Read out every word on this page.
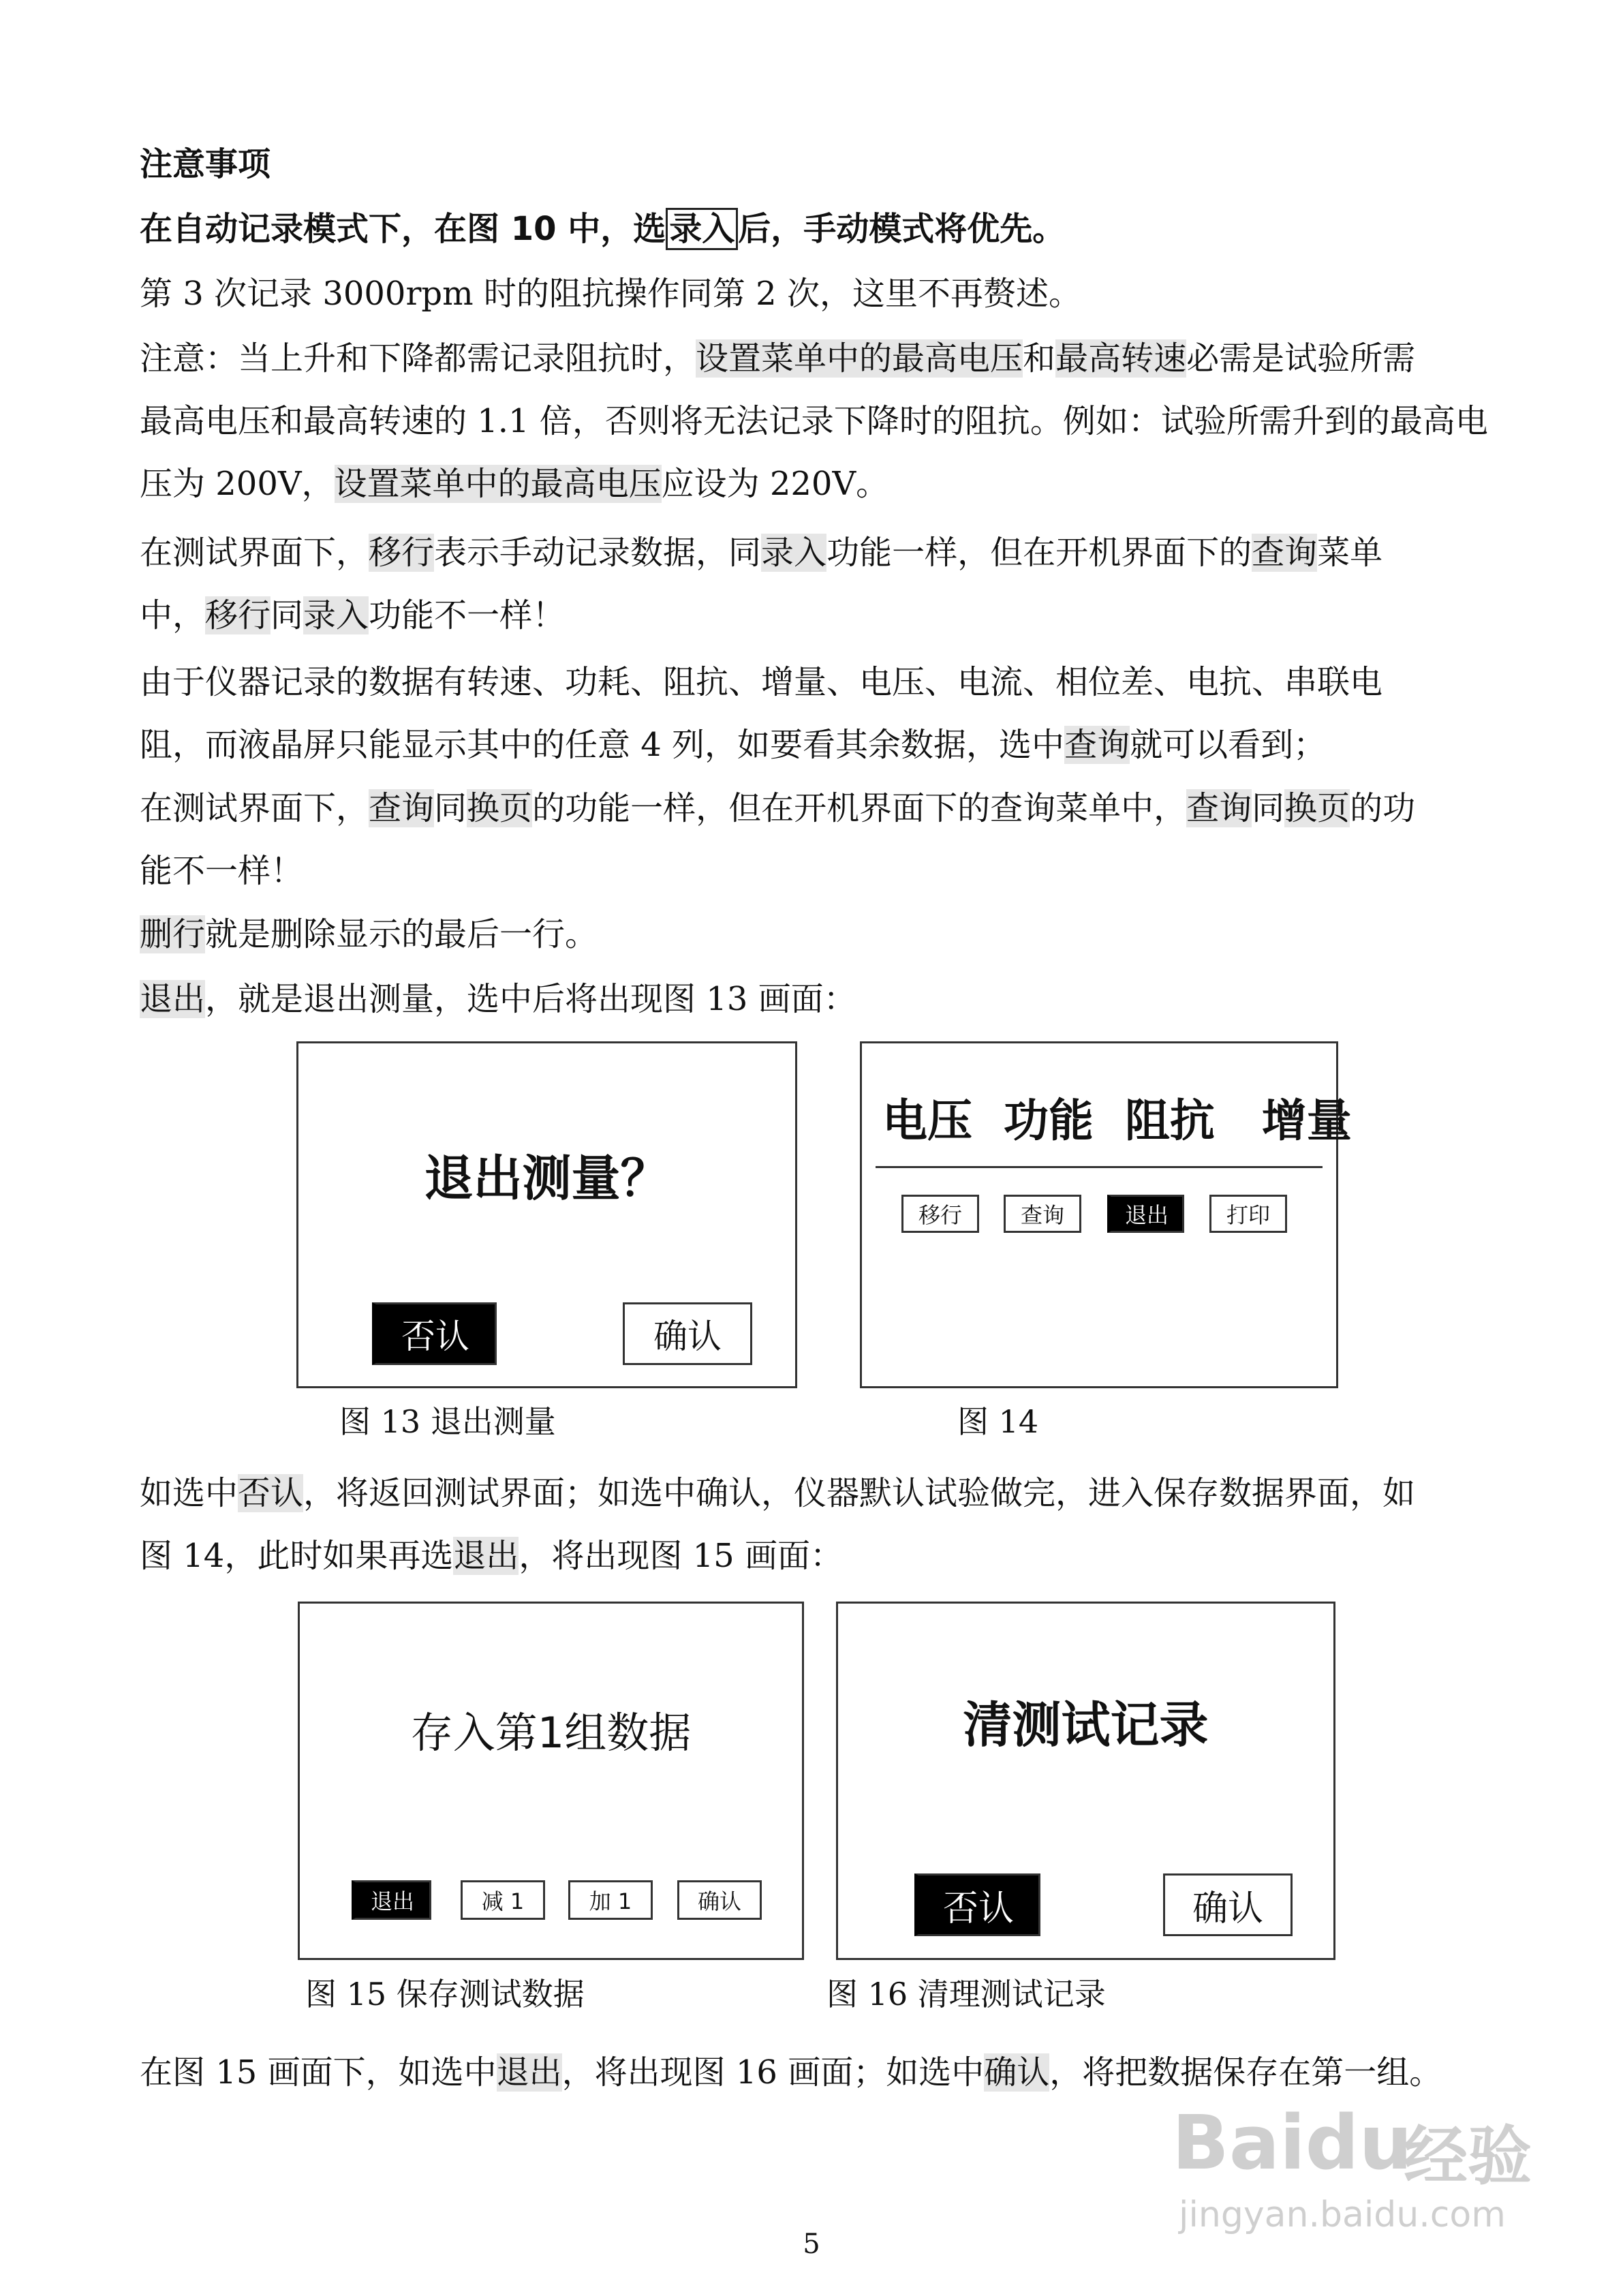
注意事项
在自动记录模式下，在图 10 中，选 录入 后，手动模式将优先。
第 3 次记录 3000rpm 时的阻抗操作同第 2 次，这里不再赘述。
注意：当上升和下降都需记录阻抗时，设置菜单中的最高电压和最高转速必需是试验所需
最高电压和最高转速的 1.1 倍，否则将无法记录下降时的阻抗。例如：试验所需升到的最高电
压为 200V，设置菜单中的最高电压应设为 220V。
在测试界面下，移行表示手动记录数据，同录入功能一样，但在开机界面下的查询菜单
中，移行同录入功能不一样！
由于仪器记录的数据有转速、功耗、阻抗、增量、电压、电流、相位差、电抗、串联电
阻，而液晶屏只能显示其中的任意 4 列，如要看其余数据，选中查询就可以看到；
在测试界面下，查询同换页的功能一样，但在开机界面下的查询菜单中，查询同换页的功
能不一样！
删行就是删除显示的最后一行。
退出，就是退出测量，选中后将出现图 13 画面：
退出测量？
否认	确认
图 13 退出测量
电压  功能  阻抗   增量
移行	查询	退出	打印
图 14
如选中否认，将返回测试界面；如选中确认，仪器默认试验做完，进入保存数据界面，如
图 14，此时如果再选退出，将出现图 15 画面：
存入第1组数据
退出	减 1	加 1	确认
图 15 保存测试数据
清测试记录
否认	确认
图 16 清理测试记录
在图 15 画面下，如选中退出，将出现图 16 画面；如选中确认，将把数据保存在第一组。
Baidu
经验
jingyan.baidu.com
5
